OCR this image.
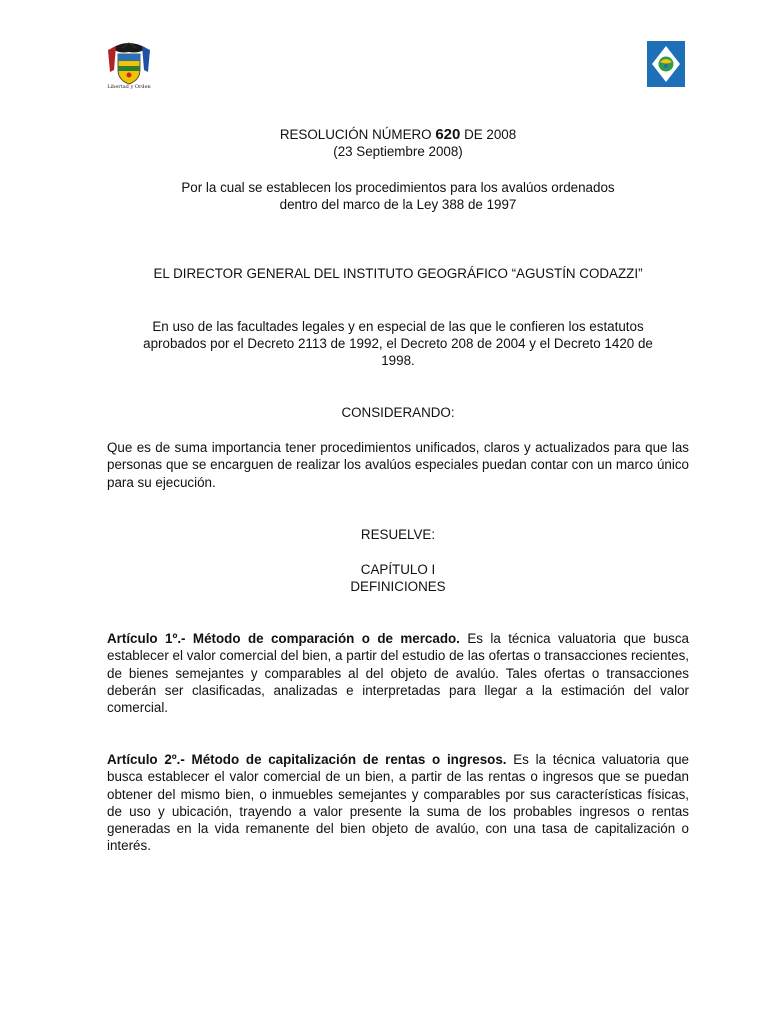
Libertad y Orden
RESOLUCIÓN NÚMERO 620 DE 2008
(23 Septiembre 2008)
Por la cual se establecen los procedimientos para los avalúos ordenados
dentro del marco de la Ley 388 de 1997
EL DIRECTOR GENERAL DEL INSTITUTO GEOGRÁFICO “AGUSTÍN CODAZZI”
En uso de las facultades legales y en especial de las que le confieren los estatutos
aprobados por el Decreto 2113 de 1992, el Decreto 208 de 2004 y el Decreto 1420 de
1998.
CONSIDERANDO:
Que es de suma importancia tener procedimientos unificados, claros y actualizados para que las personas que se encarguen de realizar los avalúos especiales puedan contar con un marco único para su ejecución.
RESUELVE:
CAPÍTULO I
DEFINICIONES
Artículo 1º.- Método de comparación o de mercado. Es la técnica valuatoria que busca establecer el valor comercial del bien, a partir del estudio de las ofertas o transacciones recientes, de bienes semejantes y comparables al del objeto de avalúo. Tales ofertas o transacciones deberán ser clasificadas, analizadas e interpretadas para llegar a la estimación del valor comercial.
Artículo 2º.- Método de capitalización de rentas o ingresos. Es la técnica valuatoria que busca establecer el valor comercial de un bien, a partir de las rentas o ingresos que se puedan obtener del mismo bien, o inmuebles semejantes y comparables por sus características físicas, de uso y ubicación, trayendo a valor presente la suma de los probables ingresos o rentas generadas en la vida remanente del bien objeto de avalúo, con una tasa de capitalización o interés.
